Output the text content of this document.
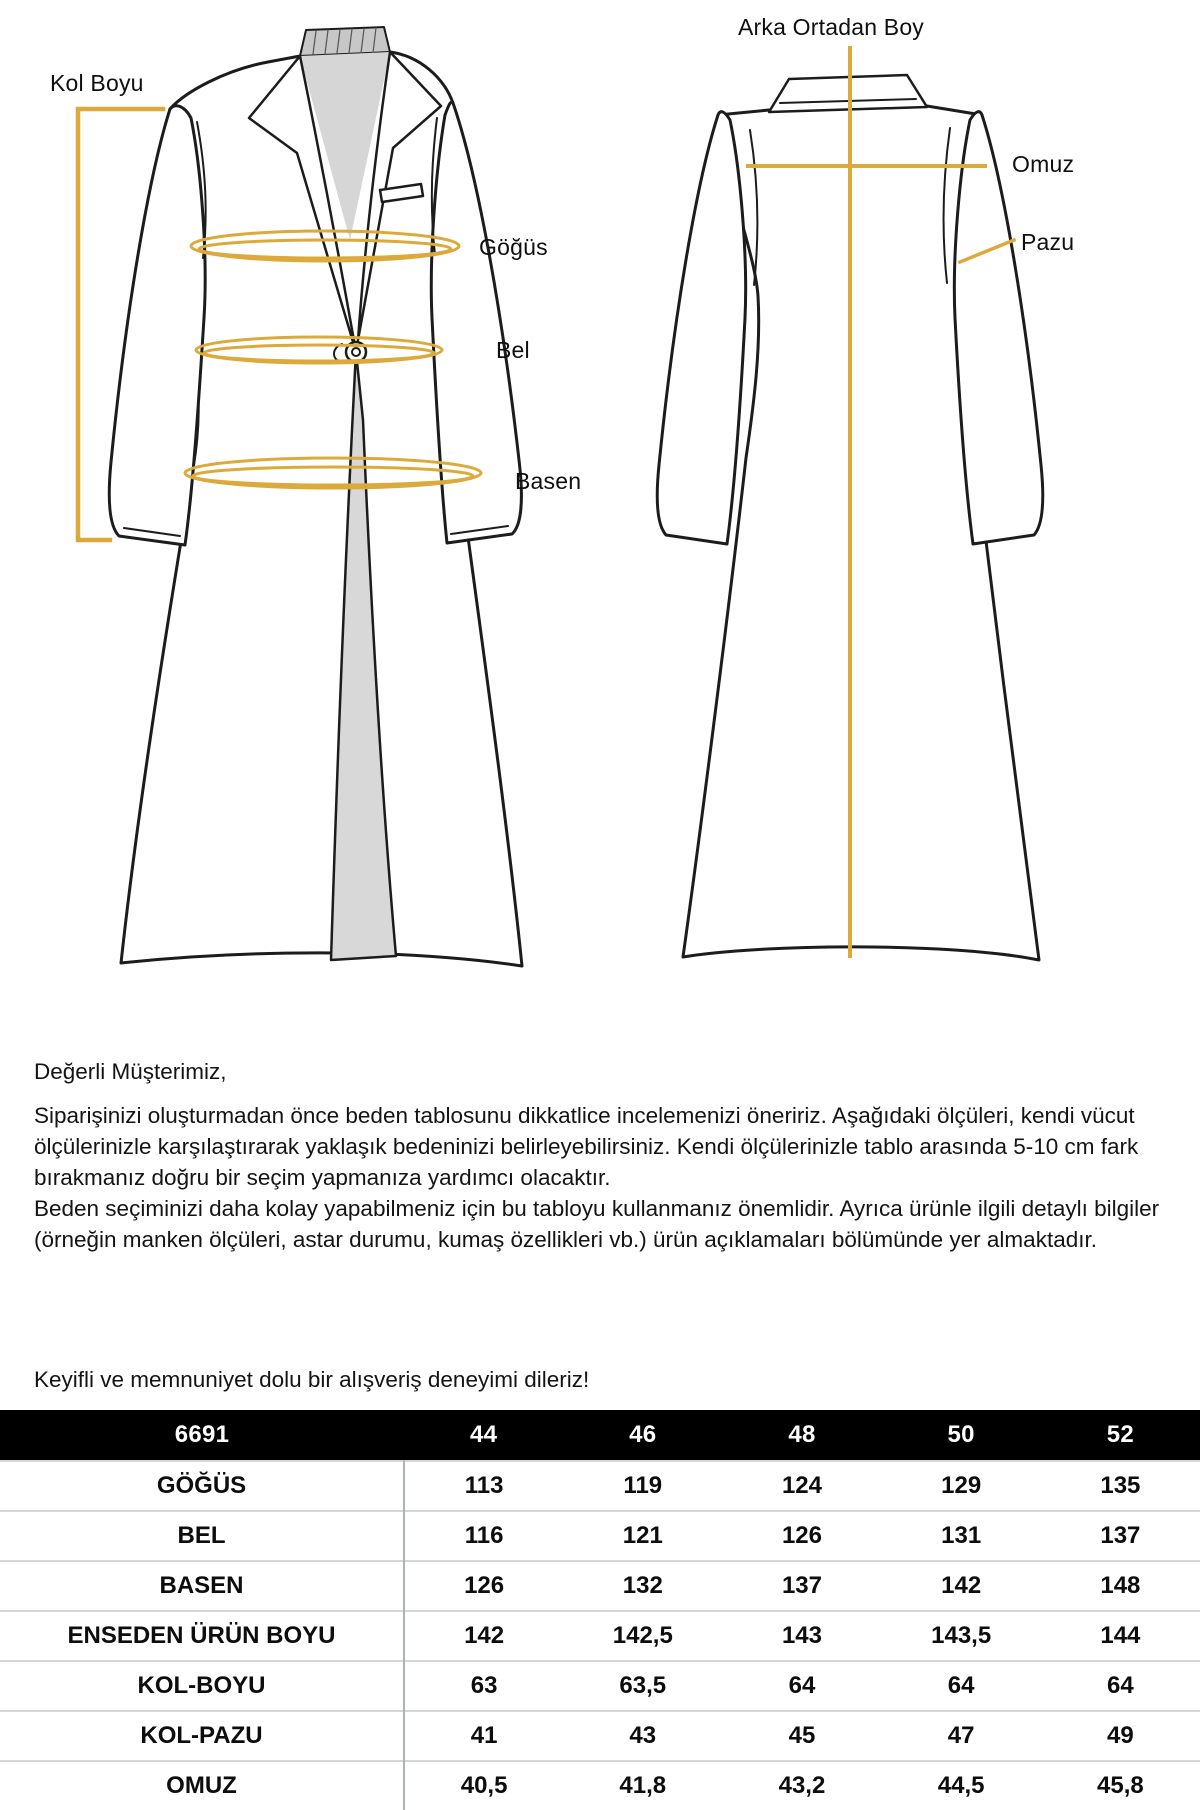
Kol Boyu
Arka Ortadan Boy
Göğüs
Bel
Basen
Omuz
Pazu

Değerli Müşterimiz,

Siparişinizi oluşturmadan önce beden tablosunu dikkatlice incelemenizi öneririz. Aşağıdaki ölçüleri, kendi vücut ölçülerinizle karşılaştırarak yaklaşık bedeninizi belirleyebilirsiniz. Kendi ölçülerinizle tablo arasında 5-10 cm fark bırakmanız doğru bir seçim yapmanıza yardımcı olacaktır.

Beden seçiminizi daha kolay yapabilmeniz için bu tabloyu kullanmanız önemlidir. Ayrıca ürünle ilgili detaylı bilgiler (örneğin manken ölçüleri, astar durumu, kumaş özellikleri vb.) ürün açıklamaları bölümünde yer almaktadır.

Keyifli ve memnuniyet dolu bir alışveriş deneyimi dileriz!
6691	44	46	48	50	52
GÖĞÜS	113	119	124	129	135
BEL	116	121	126	131	137
BASEN	126	132	137	142	148
ENSEDEN ÜRÜN BOYU	142	142,5	143	143,5	144
KOL-BOYU	63	63,5	64	64	64
KOL-PAZU	41	43	45	47	49
OMUZ	40,5	41,8	43,2	44,5	45,8
